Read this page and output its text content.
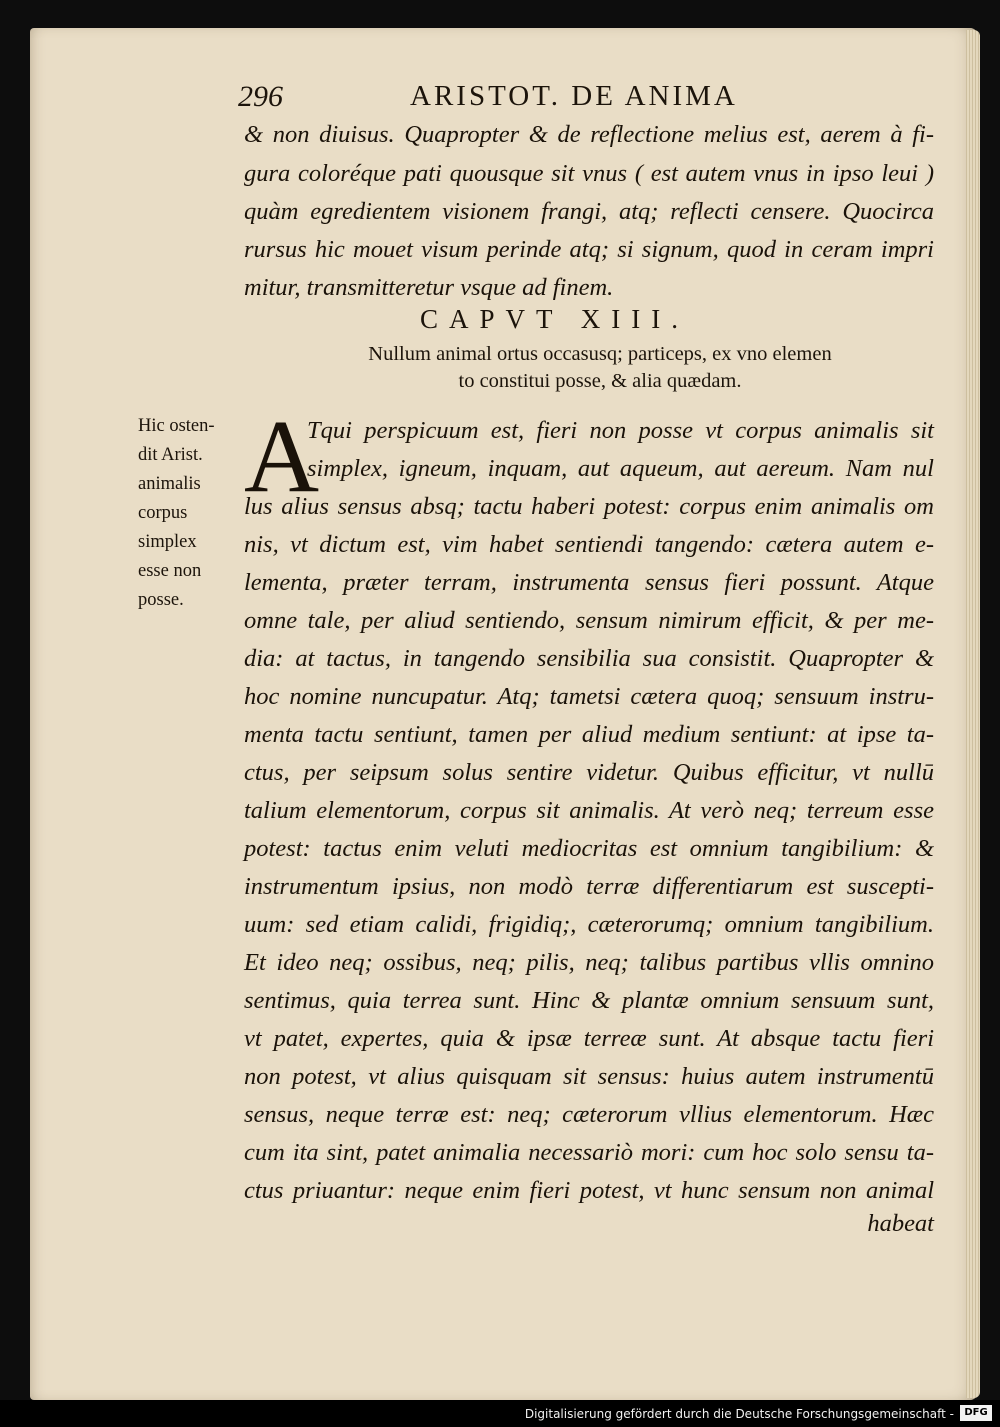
296	ARISTOT. DE ANIMA
& non diuisus. Quapropter & de reflectione melius est, aerem à fi-
gura coloréque pati quousque sit vnus ( est autem vnus in ipso leui )
quàm egredientem visionem frangi, atq; reflecti censere. Quocirca
rursus hic mouet visum perinde atq; si signum, quod in ceram impri
mitur, transmitteretur vsque ad finem.
CAPVT XIII.
Nullum animal ortus occasusq; particeps, ex vno elemen
to constitui posse, & alia quædam.
Hic osten-
dit Arist.
animalis
corpus
simplex
esse non
posse.
A
Tqui perspicuum est, fieri non posse vt corpus animalis sit
simplex, igneum, inquam, aut aqueum, aut aereum. Nam nul
lus alius sensus absq; tactu haberi potest: corpus enim animalis om
nis, vt dictum est, vim habet sentiendi tangendo: cætera autem e-
lementa, præter terram, instrumenta sensus fieri possunt. Atque
omne tale, per aliud sentiendo, sensum nimirum efficit, & per me-
dia: at tactus, in tangendo sensibilia sua consistit. Quapropter &
hoc nomine nuncupatur. Atq; tametsi cætera quoq; sensuum instru-
menta tactu sentiunt, tamen per aliud medium sentiunt: at ipse ta-
ctus, per seipsum solus sentire videtur. Quibus efficitur, vt nullū
talium elementorum, corpus sit animalis. At verò neq; terreum esse
potest: tactus enim veluti mediocritas est omnium tangibilium: &
instrumentum ipsius, non modò terræ differentiarum est suscepti-
uum: sed etiam calidi, frigidiq;, cæterorumq; omnium tangibilium.
Et ideo neq; ossibus, neq; pilis, neq; talibus partibus vllis omnino
sentimus, quia terrea sunt. Hinc & plantæ omnium sensuum sunt,
vt patet, expertes, quia & ipsæ terreæ sunt. At absque tactu fieri
non potest, vt alius quisquam sit sensus: huius autem instrumentū
sensus, neque terræ est: neq; cæterorum vllius elementorum. Hæc
cum ita sint, patet animalia necessariò mori: cum hoc solo sensu ta-
ctus priuantur: neque enim fieri potest, vt hunc sensum non animal
habeat
Digitalisierung gefördert durch die Deutsche Forschungsgemeinschaft -	DFG
